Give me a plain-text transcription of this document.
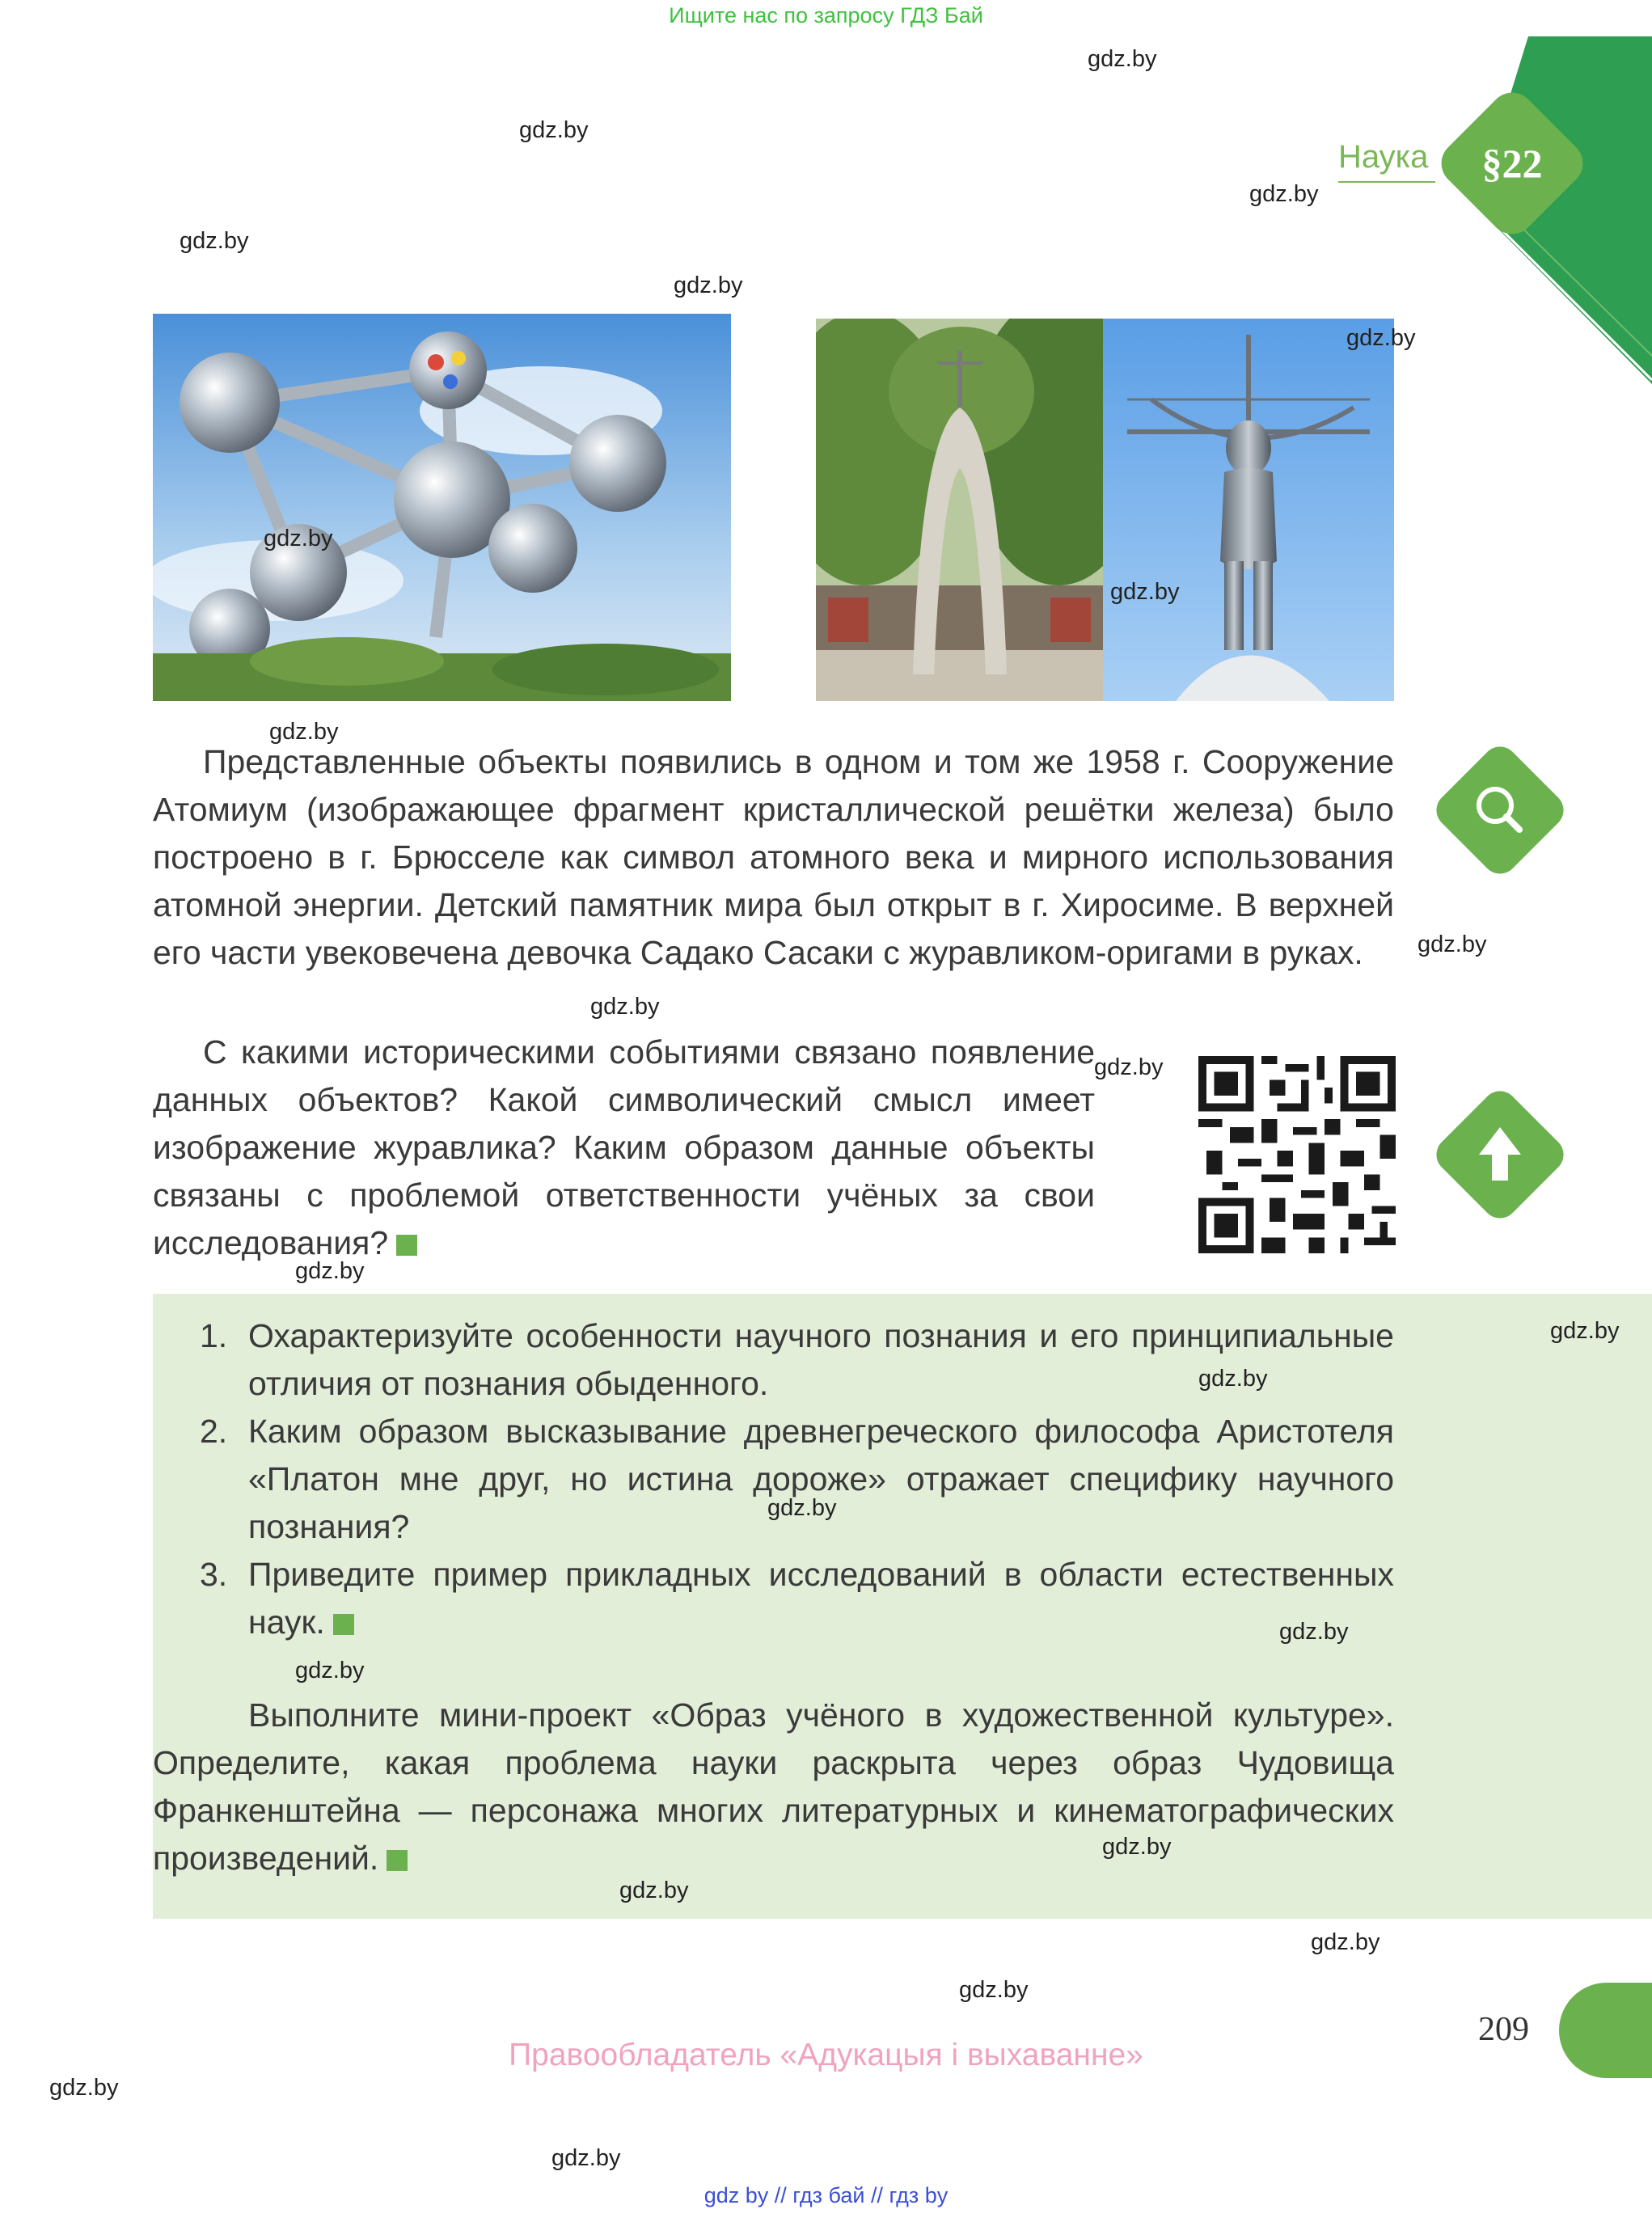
Ищите нас по запросу ГДЗ Бай
gdz by // гдз бай // гдз by
Наука	§22

Представленные объекты появились в одном и том же 1958 г. Сооружение Атомиум (изображающее фрагмент кристаллической решётки железа) было построено в г. Брюсселе как символ атомного века и мирного использования атомной энергии. Детский памятник мира был открыт в г. Хиросиме. В верхней его части увековечена девочка Садако Сасаки с журавликом-оригами в руках.

С какими историческими событиями связано появление данных объектов? Какой символический смысл имеет изображение журавлика? Каким образом данные объекты связаны с проблемой ответственности учёных за свои исследования?

1. Охарактеризуйте особенности научного познания и его принципиальные отличия от познания обыденного.
2. Каким образом высказывание древнегреческого философа Аристотеля «Платон мне друг, но истина дороже» отражает специфику научного познания?
3. Приведите пример прикладных исследований в области естественных наук.
Выполните мини-проект «Образ учёного в художественной культуре». Определите, какая проблема науки раскрыта через образ Чудовища Франкенштейна — персонажа многих литературных и кинематографических произведений.
209
Правообладатель «Адукацыя і выхаванне»
gdz.by
gdz.by
gdz.by
gdz.by
gdz.by
gdz.by
gdz.by
gdz.by
gdz.by
gdz.by
gdz.by
gdz.by
gdz.by
gdz.by
gdz.by
gdz.by
gdz.by
gdz.by
gdz.by
gdz.by
gdz.by
gdz.by
gdz.by
gdz.by
